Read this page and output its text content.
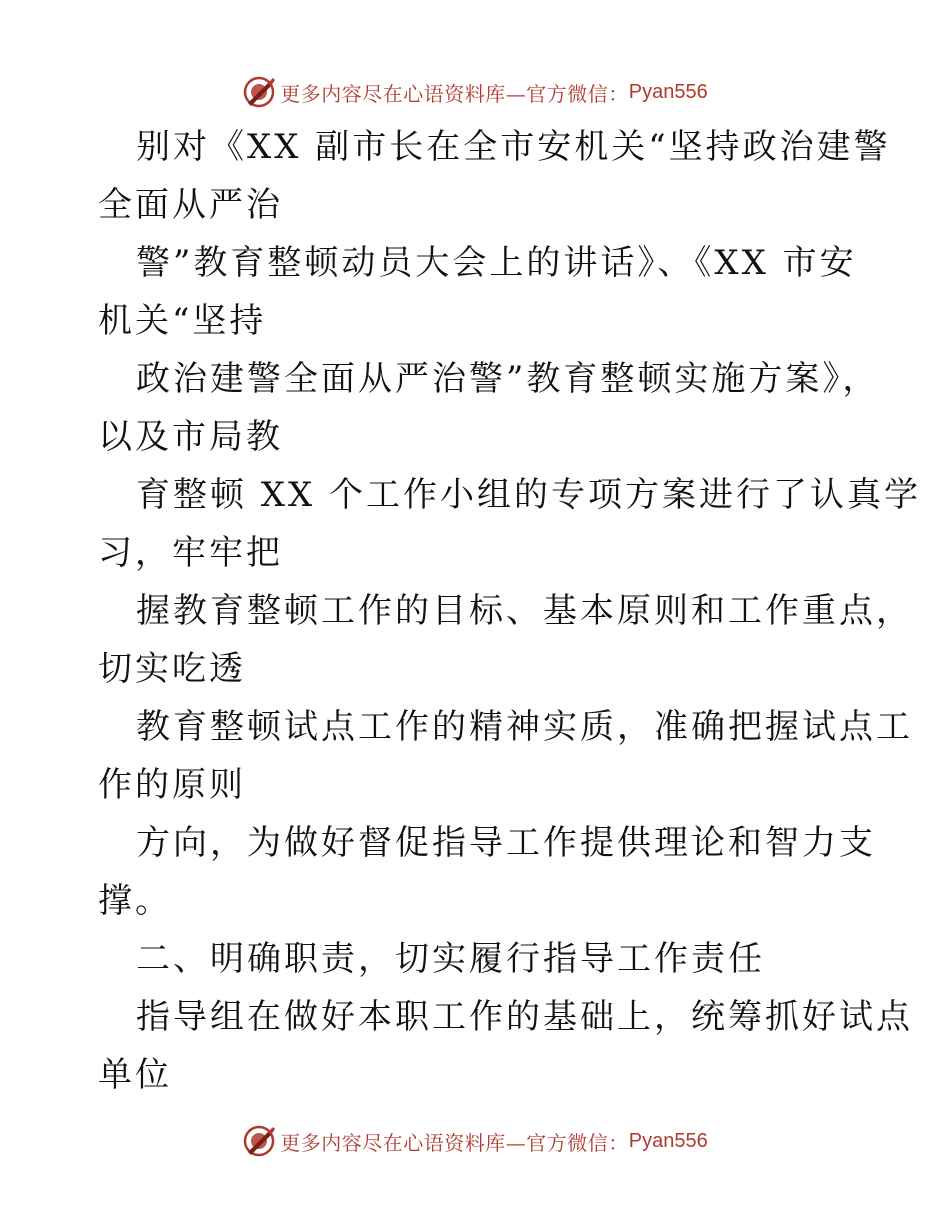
更多内容尽在心语资料库—官方微信： Pyan556
别对《XX 副市长在全市安机关“坚持政治建警
全面从严治
警”教育整顿动员大会上的讲话》、《XX 市安
机关“坚持
政治建警全面从严治警”教育整顿实施方案》，
以及市局教
育整顿 XX 个工作小组的专项方案进行了认真学
习，牢牢把
握教育整顿工作的目标、基本原则和工作重点，
切实吃透
教育整顿试点工作的精神实质，准确把握试点工
作的原则
方向，为做好督促指导工作提供理论和智力支
撑。
二、明确职责，切实履行指导工作责任
指导组在做好本职工作的基础上，统筹抓好试点
单位
更多内容尽在心语资料库—官方微信： Pyan556
